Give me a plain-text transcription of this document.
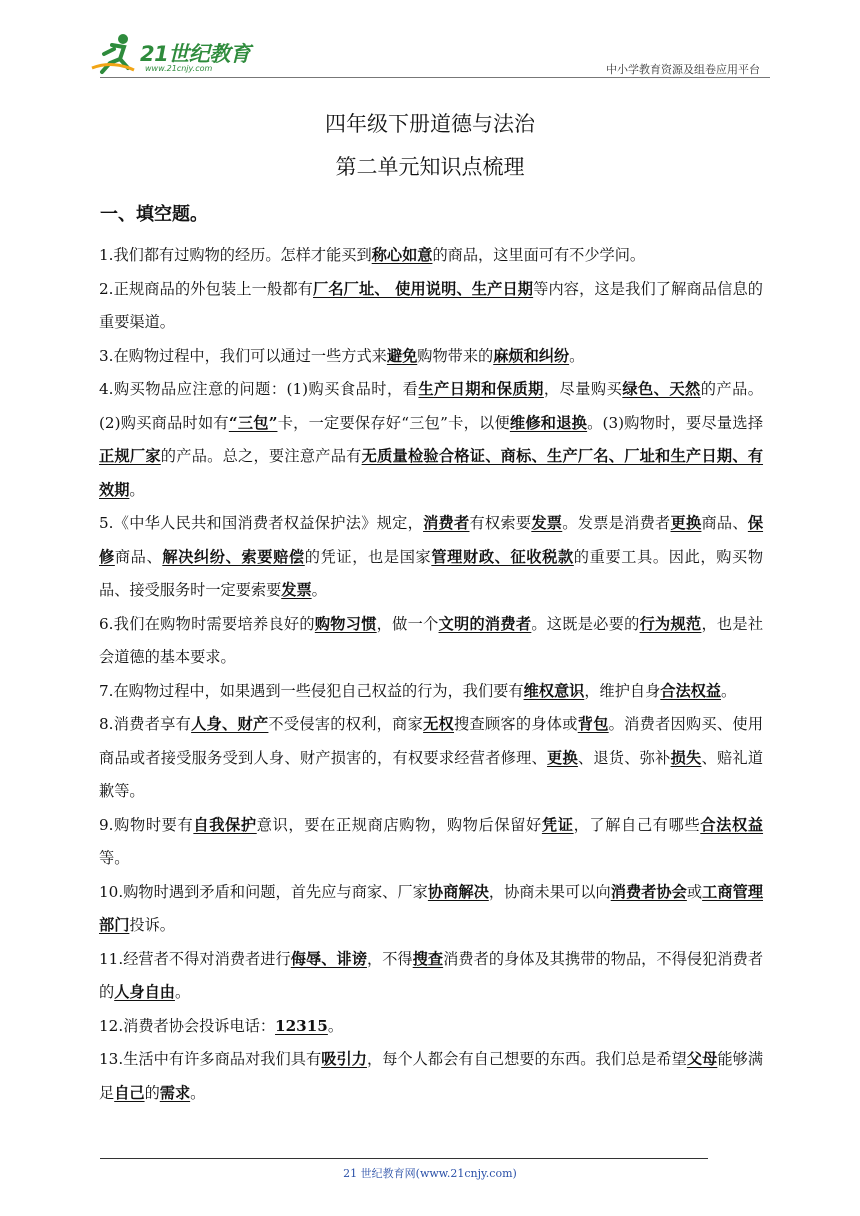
21世纪教育
www.21cnjy.com	中小学教育资源及组卷应用平台
四年级下册道德与法治
第二单元知识点梳理
一、填空题。

1.我们都有过购物的经历。怎样才能买到称心如意的商品，这里面可有不少学问。

2.正规商品的外包装上一般都有厂名厂址、 使用说明、生产日期等内容，这是我们了解商品信息的重要渠道。

3.在购物过程中，我们可以通过一些方式来避免购物带来的麻烦和纠纷。

4.购买物品应注意的问题：(1)购买食品时，看生产日期和保质期，尽量购买绿色、天然的产品。(2)购买商品时如有“三包”卡，一定要保存好“三包”卡，以便维修和退换。(3)购物时，要尽量选择正规厂家的产品。总之，要注意产品有无质量检验合格证、商标、生产厂名、厂址和生产日期、有效期。

5.《中华人民共和国消费者权益保护法》规定，消费者有权索要发票。发票是消费者更换商品、保修商品、解决纠纷、索要赔偿的凭证，也是国家管理财政、征收税款的重要工具。因此，购买物品、接受服务时一定要索要发票。

6.我们在购物时需要培养良好的购物习惯，做一个文明的消费者。这既是必要的行为规范，也是社会道德的基本要求。

7.在购物过程中，如果遇到一些侵犯自己权益的行为，我们要有维权意识，维护自身合法权益。

8.消费者享有人身、财产不受侵害的权利，商家无权搜查顾客的身体或背包。消费者因购买、使用商品或者接受服务受到人身、财产损害的，有权要求经营者修理、更换、退货、弥补损失、赔礼道歉等。

9.购物时要有自我保护意识，要在正规商店购物，购物后保留好凭证，了解自己有哪些合法权益等。

10.购物时遇到矛盾和问题，首先应与商家、厂家协商解决，协商未果可以向消费者协会或工商管理部门投诉。

11.经营者不得对消费者进行侮辱、诽谤，不得搜查消费者的身体及其携带的物品，不得侵犯消费者的人身自由。

12.消费者协会投诉电话：12315。

13.生活中有许多商品对我们具有吸引力，每个人都会有自己想要的东西。我们总是希望父母能够满足自己的需求。

21 世纪教育网(www.21cnjy.com)
